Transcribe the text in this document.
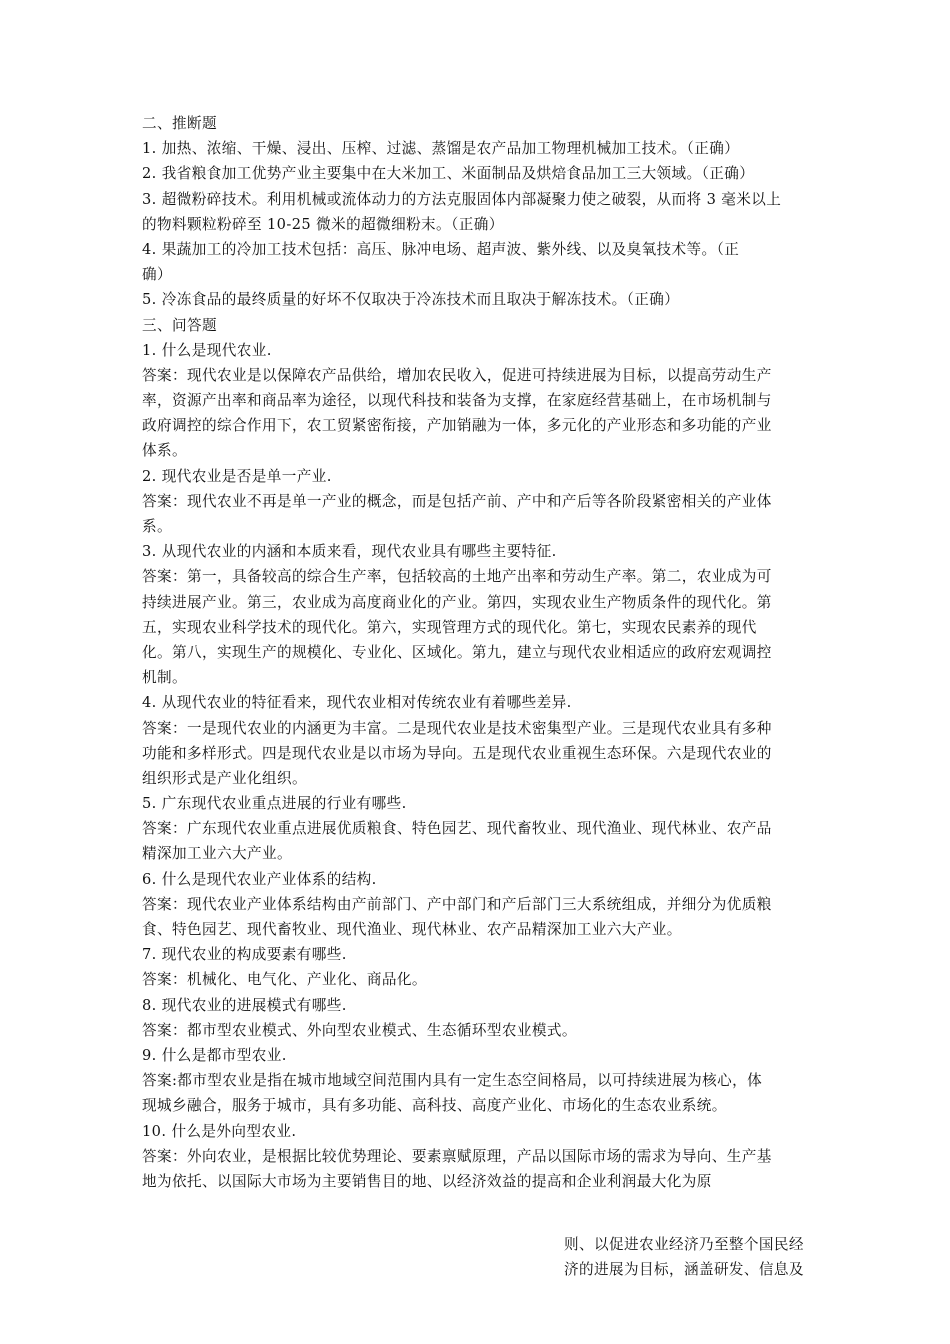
二、推断题
1. 加热、浓缩、干燥、浸出、压榨、过滤、蒸馏是农产品加工物理机械加工技术。（正确）
2. 我省粮食加工优势产业主要集中在大米加工、米面制品及烘焙食品加工三大领域。（正确）
3. 超微粉碎技术。利用机械或流体动力的方法克服固体内部凝聚力使之破裂，从而将 3 毫米以上
的物料颗粒粉碎至 10-25 微米的超微细粉末。（正确）
4. 果蔬加工的冷加工技术包括：高压、脉冲电场、超声波、紫外线、以及臭氧技术等。（正
确）
5. 冷冻食品的最终质量的好坏不仅取决于冷冻技术而且取决于解冻技术。（正确）
三、问答题
1. 什么是现代农业.
答案：现代农业是以保障农产品供给，增加农民收入，促进可持续进展为目标，以提高劳动生产
率，资源产出率和商品率为途径，以现代科技和装备为支撑，在家庭经营基础上，在市场机制与
政府调控的综合作用下，农工贸紧密衔接，产加销融为一体，多元化的产业形态和多功能的产业
体系。
2. 现代农业是否是单一产业.
答案：现代农业不再是单一产业的概念，而是包括产前、产中和产后等各阶段紧密相关的产业体
系。
3. 从现代农业的内涵和本质来看，现代农业具有哪些主要特征.
答案：第一，具备较高的综合生产率，包括较高的土地产出率和劳动生产率。第二，农业成为可
持续进展产业。第三，农业成为高度商业化的产业。第四，实现农业生产物质条件的现代化。第
五，实现农业科学技术的现代化。第六，实现管理方式的现代化。第七，实现农民素养的现代
化。第八，实现生产的规模化、专业化、区域化。第九，建立与现代农业相适应的政府宏观调控
机制。
4. 从现代农业的特征看来，现代农业相对传统农业有着哪些差异.
答案：一是现代农业的内涵更为丰富。二是现代农业是技术密集型产业。三是现代农业具有多种
功能和多样形式。四是现代农业是以市场为导向。五是现代农业重视生态环保。六是现代农业的
组织形式是产业化组织。
5. 广东现代农业重点进展的行业有哪些.
答案：广东现代农业重点进展优质粮食、特色园艺、现代畜牧业、现代渔业、现代林业、农产品
精深加工业六大产业。
6. 什么是现代农业产业体系的结构.
答案：现代农业产业体系结构由产前部门、产中部门和产后部门三大系统组成，并细分为优质粮
食、特色园艺、现代畜牧业、现代渔业、现代林业、农产品精深加工业六大产业。
7. 现代农业的构成要素有哪些.
答案：机械化、电气化、产业化、商品化。
8. 现代农业的进展模式有哪些.
答案：都市型农业模式、外向型农业模式、生态循环型农业模式。
9. 什么是都市型农业.
答案:都市型农业是指在城市地域空间范围内具有一定生态空间格局，以可持续进展为核心，体
现城乡融合，服务于城市，具有多功能、高科技、高度产业化、市场化的生态农业系统。
10. 什么是外向型农业.
答案：外向农业，是根据比较优势理论、要素禀赋原理，产品以国际市场的需求为导向、生产基
地为依托、以国际大市场为主要销售目的地、以经济效益的提高和企业利润最大化为原
则、以促进农业经济乃至整个国民经
济的进展为目标，涵盖研发、信息及
